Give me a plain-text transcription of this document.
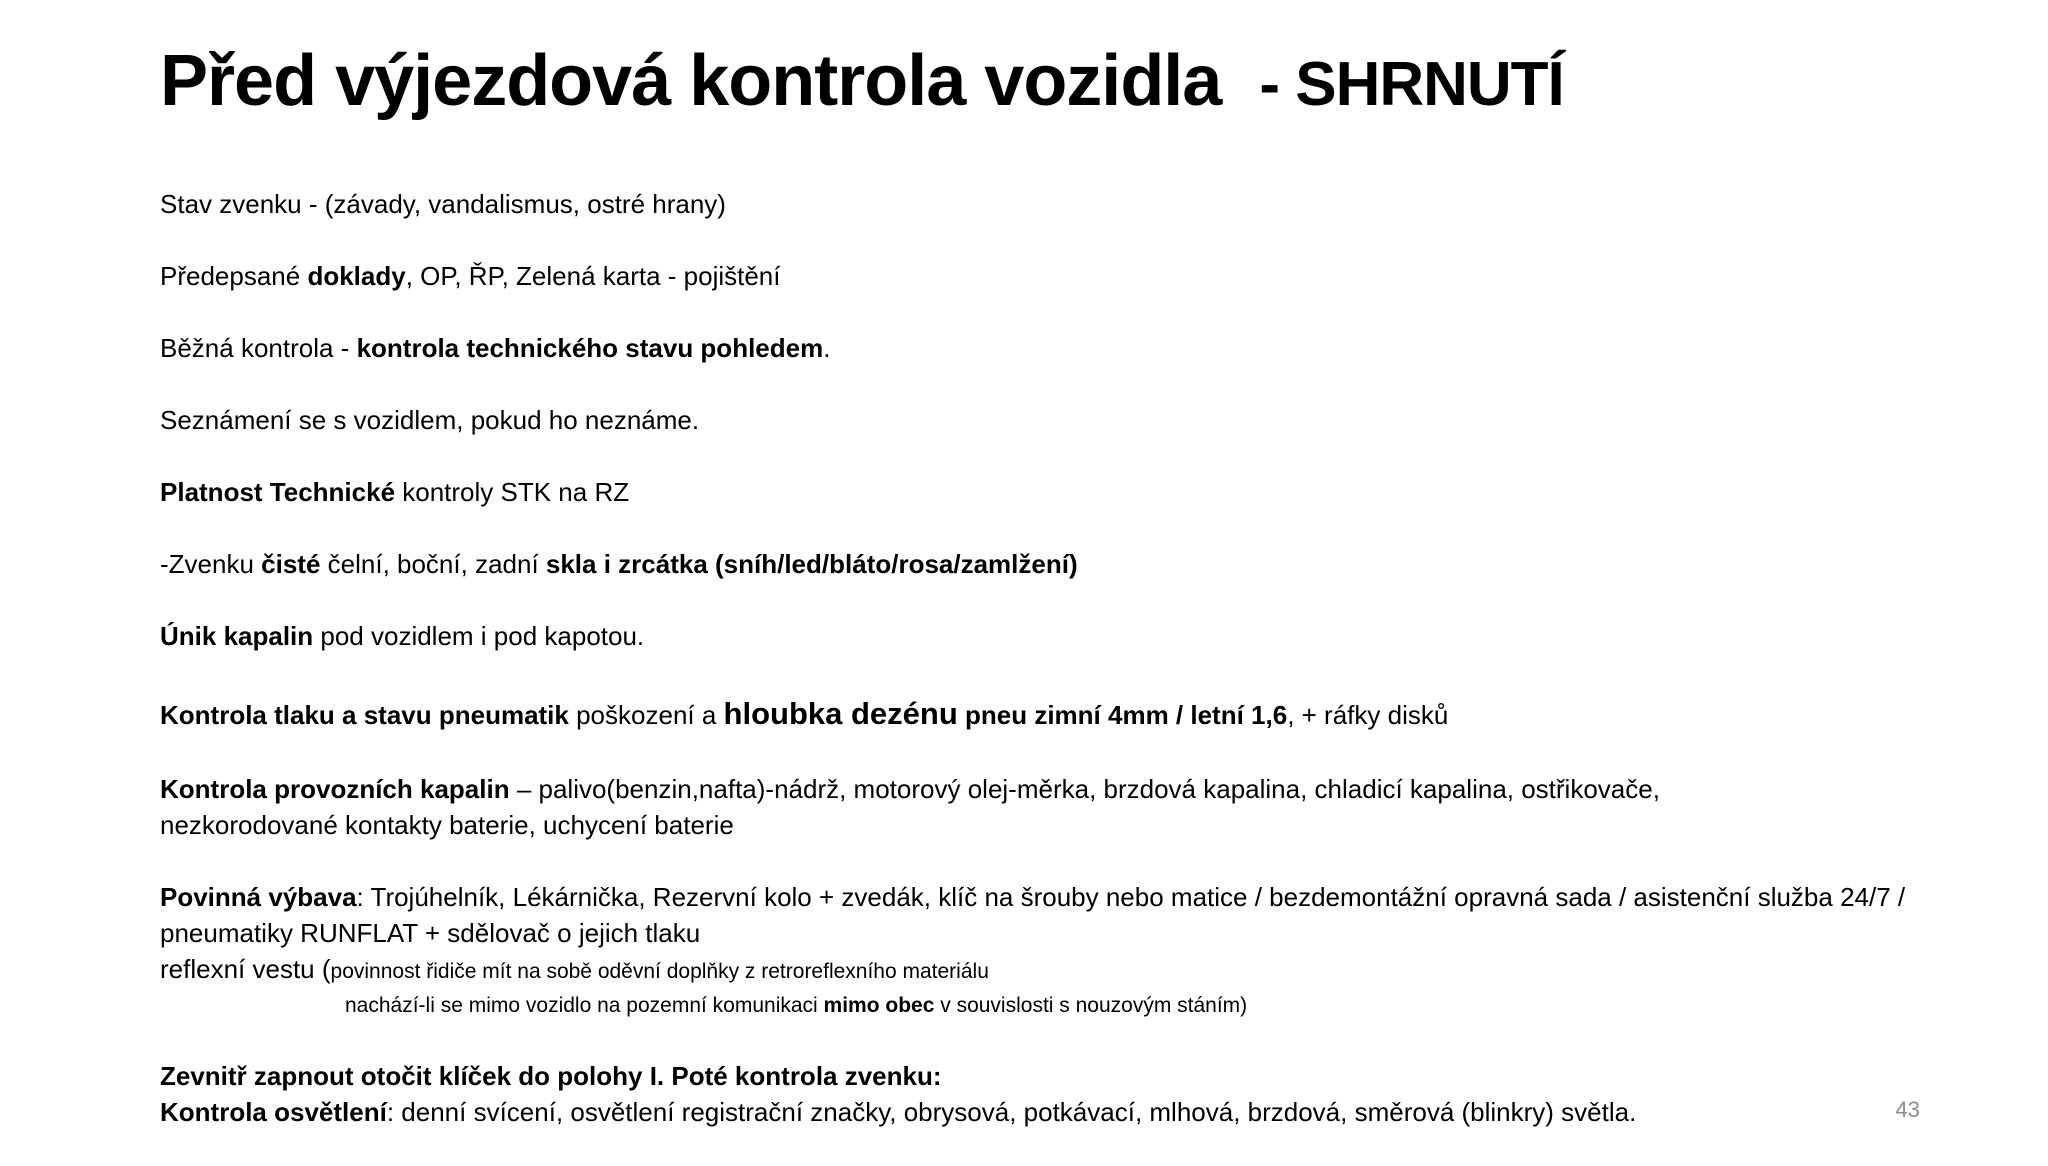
Před výjezdová kontrola vozidla - SHRNUTÍ

Stav zvenku - (závady, vandalismus, ostré hrany)

Předepsané doklady, OP, ŘP, Zelená karta - pojištění

Běžná kontrola - kontrola technického stavu pohledem.

Seznámení se s vozidlem, pokud ho neznáme.

Platnost Technické kontroly STK na RZ

-Zvenku čisté čelní, boční, zadní skla i zrcátka (sníh/led/bláto/rosa/zamlžení)

Únik kapalin pod vozidlem i pod kapotou.

Kontrola tlaku a stavu pneumatik poškození a hloubka dezénu pneu zimní 4mm / letní 1,6, + ráfky disků

Kontrola provozních kapalin – palivo(benzin,nafta)-nádrž, motorový olej-měrka, brzdová kapalina, chladicí kapalina, ostřikovače,
nezkorodované kontakty baterie, uchycení baterie

Povinná výbava: Trojúhelník, Lékárnička, Rezervní kolo + zvedák, klíč na šrouby nebo matice / bezdemontážní opravná sada / asistenční služba 24/7 / pneumatiky RUNFLAT + sdělovač o jejich tlaku
reflexní vestu (povinnost řidiče mít na sobě oděvní doplňky z retroreflexního materiálu
nachází-li se mimo vozidlo na pozemní komunikaci mimo obec v souvislosti s nouzovým stáním)

Zevnitř zapnout otočit klíček do polohy I. Poté kontrola zvenku:

Kontrola osvětlení: denní svícení, osvětlení registrační značky, obrysová, potkávací, mlhová, brzdová, směrová (blinkry) světla.	43
